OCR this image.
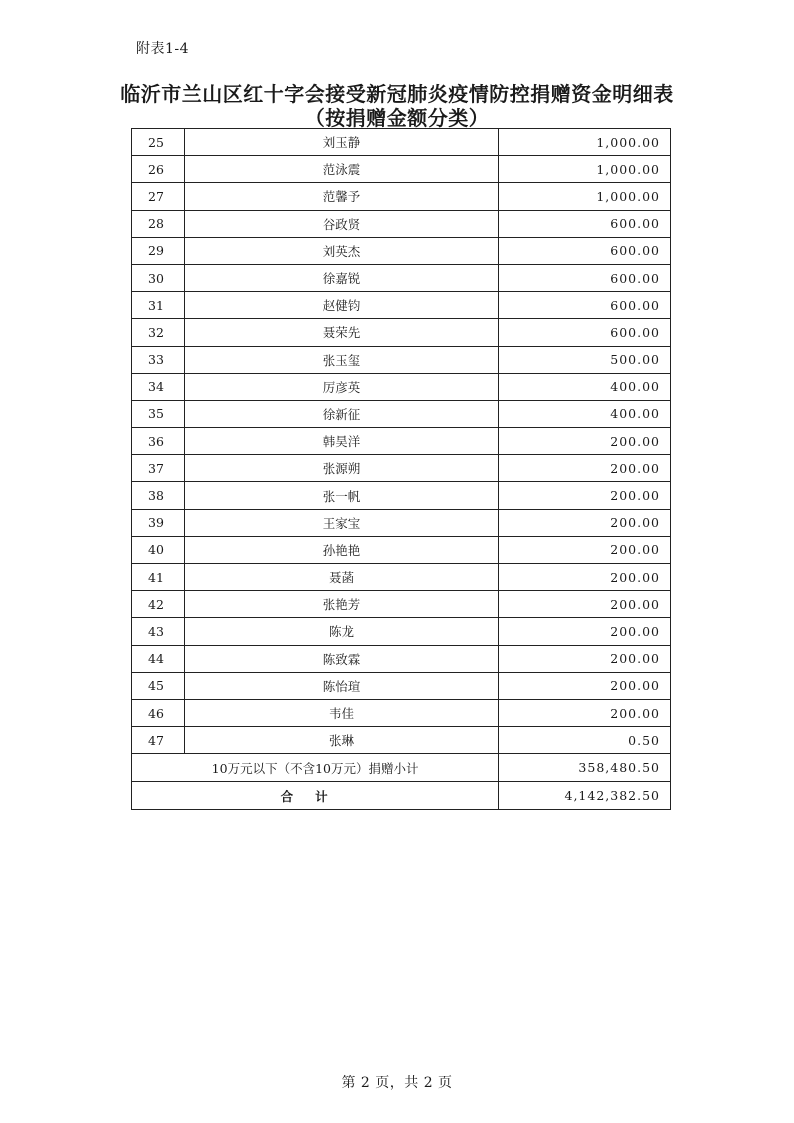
附表1-4
临沂市兰山区红十字会接受新冠肺炎疫情防控捐赠资金明细表
（按捐赠金额分类）
25	刘玉静	1,000.00
26	范泳震	1,000.00
27	范馨予	1,000.00
28	谷政贤	600.00
29	刘英杰	600.00
30	徐嘉锐	600.00
31	赵健钧	600.00
32	聂荣先	600.00
33	张玉玺	500.00
34	厉彦英	400.00
35	徐新征	400.00
36	韩昊洋	200.00
37	张源朔	200.00
38	张一帆	200.00
39	王家宝	200.00
40	孙艳艳	200.00
41	聂菡	200.00
42	张艳芳	200.00
43	陈龙	200.00
44	陈致霖	200.00
45	陈怡瑄	200.00
46	韦佳	200.00
47	张琳	0.50
10万元以下（不含10万元）捐赠小计		358,480.50
合计		4,142,382.50
第 2 页，共 2 页
